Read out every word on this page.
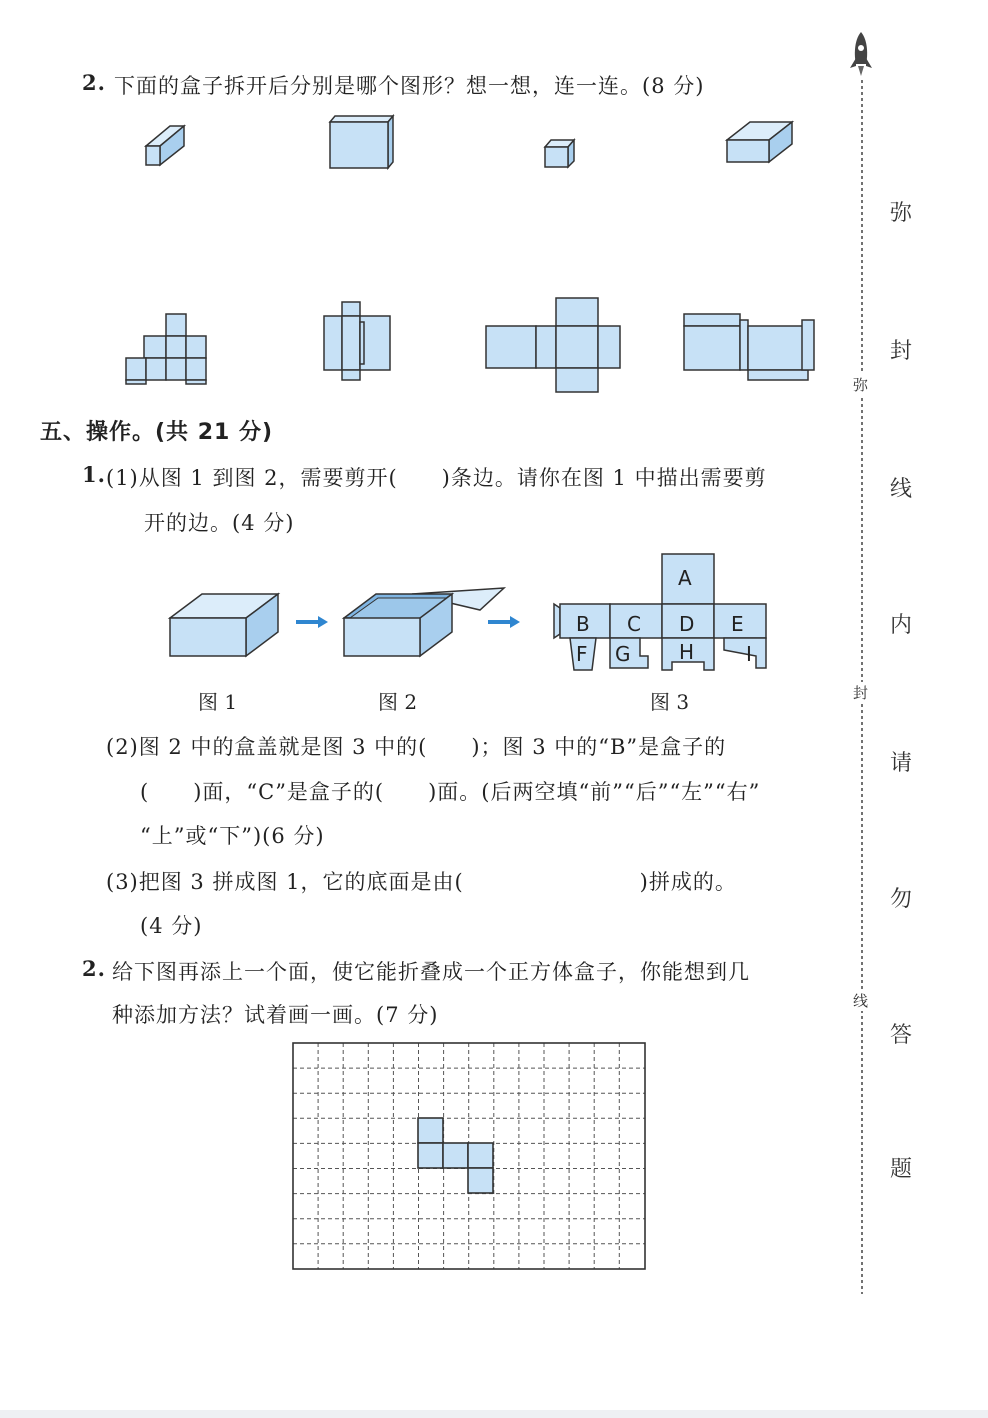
2. 下面的盒子拆开后分别是哪个图形？想一想，连一连。(8 分)
五、操作。(共 21 分)
1. (1)从图 1 到图 2，需要剪开(　　)条边。请你在图 1 中描出需要剪
开的边。(4 分)
A
B C D E
F G H	I
图 1	图 2	图 3
(2)图 2 中的盒盖就是图 3 中的(　　)；图 3 中的“B”是盒子的
(　　)面，“C”是盒子的(　　)面。(后两空填“前”“后”“左”“右”
“上”或“下”)(6 分)
(3)把图 3 拼成图 1，它的底面是由(　　　　　　　　)拼成的。
(4 分)
2. 给下图再添上一个面，使它能折叠成一个正方体盒子，你能想到几
种添加方法？试着画一画。(7 分)
弥
封
线
内
请
勿
答
题
弥
封
线
